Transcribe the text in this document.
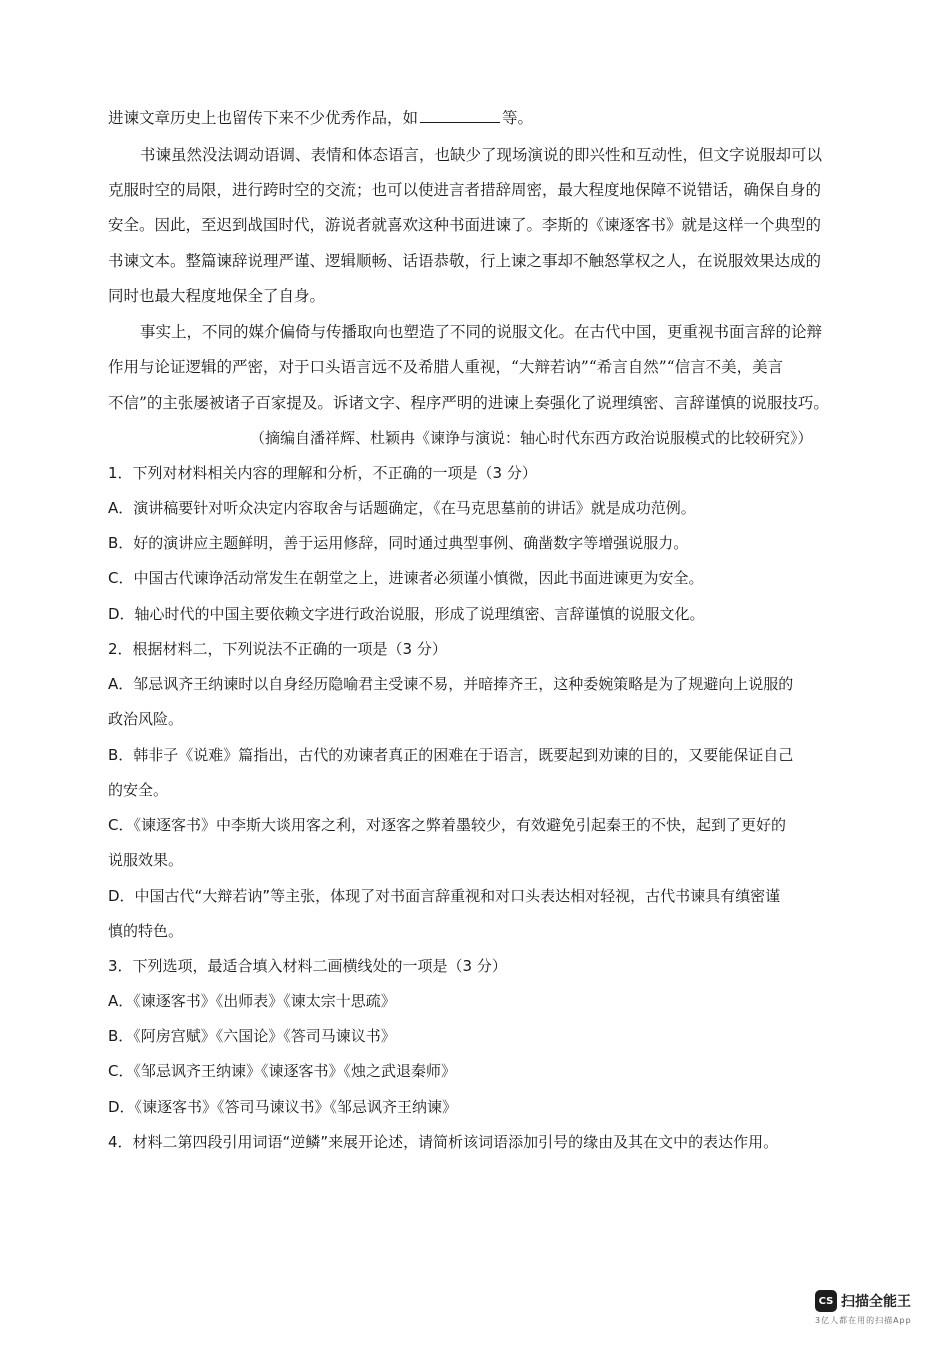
进谏文章历史上也留传下来不少优秀作品，如	等。
书谏虽然没法调动语调、表情和体态语言，也缺少了现场演说的即兴性和互动性，但文字说服却可以
克服时空的局限，进行跨时空的交流；也可以使进言者措辞周密，最大程度地保障不说错话，确保自身的
安全。因此，至迟到战国时代，游说者就喜欢这种书面进谏了。李斯的《谏逐客书》就是这样一个典型的
书谏文本。整篇谏辞说理严谨、逻辑顺畅、话语恭敬，行上谏之事却不触怒掌权之人，在说服效果达成的
同时也最大程度地保全了自身。
事实上，不同的媒介偏倚与传播取向也塑造了不同的说服文化。在古代中国，更重视书面言辞的论辩
作用与论证逻辑的严密，对于口头语言远不及希腊人重视，“大辩若讷”“希言自然”“信言不美，美言
不信”的主张屡被诸子百家提及。诉诸文字、程序严明的进谏上奏强化了说理缜密、言辞谨慎的说服技巧。
（摘编自潘祥辉、杜颖冉《谏诤与演说：轴心时代东西方政治说服模式的比较研究》）
1．下列对材料相关内容的理解和分析，不正确的一项是（3 分）
A．演讲稿要针对听众决定内容取舍与话题确定，《在马克思墓前的讲话》就是成功范例。
B．好的演讲应主题鲜明，善于运用修辞，同时通过典型事例、确凿数字等增强说服力。
C．中国古代谏诤活动常发生在朝堂之上，进谏者必须谨小慎微，因此书面进谏更为安全。
D．轴心时代的中国主要依赖文字进行政治说服，形成了说理缜密、言辞谨慎的说服文化。
2．根据材料二，下列说法不正确的一项是（3 分）
A．邹忌讽齐王纳谏时以自身经历隐喻君主受谏不易，并暗捧齐王，这种委婉策略是为了规避向上说服的
政治风险。
B．韩非子《说难》篇指出，古代的劝谏者真正的困难在于语言，既要起到劝谏的目的，又要能保证自己
的安全。
C．《谏逐客书》中李斯大谈用客之利，对逐客之弊着墨较少，有效避免引起秦王的不快，起到了更好的
说服效果。
D．中国古代“大辩若讷”等主张，体现了对书面言辞重视和对口头表达相对轻视，古代书谏具有缜密谨
慎的特色。
3．下列选项，最适合填入材料二画横线处的一项是（3 分）
A．《谏逐客书》《出师表》《谏太宗十思疏》
B．《阿房宫赋》《六国论》《答司马谏议书》
C．《邹忌讽齐王纳谏》《谏逐客书》《烛之武退秦师》
D．《谏逐客书》《答司马谏议书》《邹忌讽齐王纳谏》
4．材料二第四段引用词语“逆鳞”来展开论述，请简析该词语添加引号的缘由及其在文中的表达作用。
CS 扫描全能王
3亿人都在用的扫描App
